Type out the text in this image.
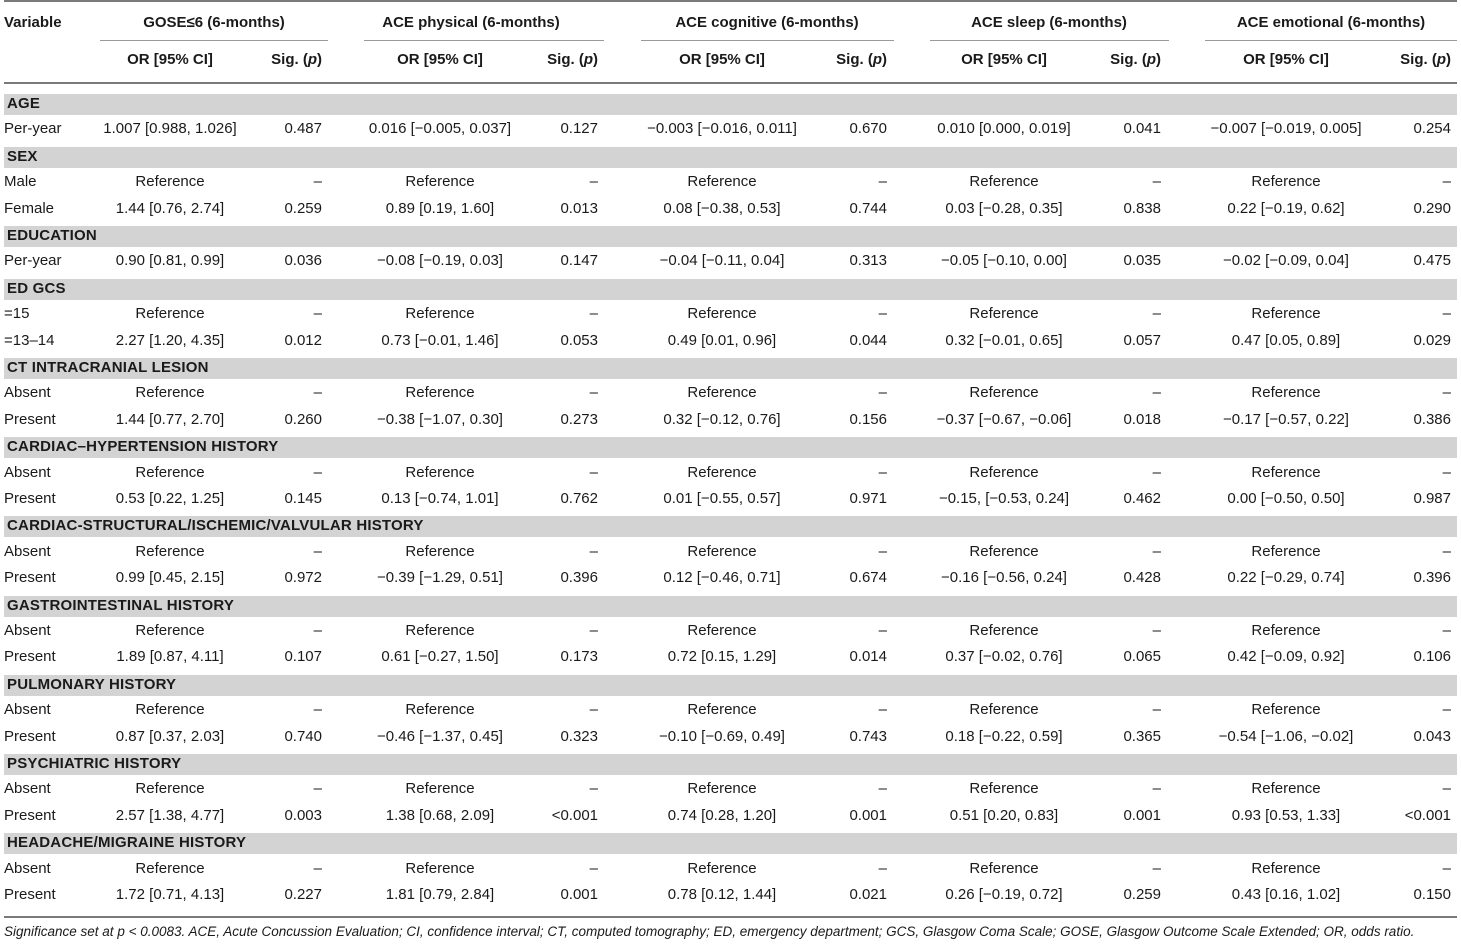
Variable	GOSE≤6 (6-months)
OR [95% CI]	Sig. (p)
ACE physical (6-months)
OR [95% CI]	Sig. (p)
ACE cognitive (6-months)
OR [95% CI]	Sig. (p)
ACE sleep (6-months)
OR [95% CI]	Sig. (p)
ACE emotional (6-months)
OR [95% CI]	Sig. (p)
AGE
Per-year	1.007 [0.988, 1.026]	0.487	0.016 [−0.005, 0.037]	0.127	−0.003 [−0.016, 0.011]	0.670	0.010 [0.000, 0.019]	0.041	−0.007 [−0.019, 0.005]	0.254
SEX
Male	Reference	–	Reference	–	Reference	–	Reference	–	Reference	–
Female	1.44 [0.76, 2.74]	0.259	0.89 [0.19, 1.60]	0.013	0.08 [−0.38, 0.53]	0.744	0.03 [−0.28, 0.35]	0.838	0.22 [−0.19, 0.62]	0.290
EDUCATION
Per-year	0.90 [0.81, 0.99]	0.036	−0.08 [−0.19, 0.03]	0.147	−0.04 [−0.11, 0.04]	0.313	−0.05 [−0.10, 0.00]	0.035	−0.02 [−0.09, 0.04]	0.475
ED GCS
=15	Reference	–	Reference	–	Reference	–	Reference	–	Reference	–
=13–14	2.27 [1.20, 4.35]	0.012	0.73 [−0.01, 1.46]	0.053	0.49 [0.01, 0.96]	0.044	0.32 [−0.01, 0.65]	0.057	0.47 [0.05, 0.89]	0.029
CT INTRACRANIAL LESION
Absent	Reference	–	Reference	–	Reference	–	Reference	–	Reference	–
Present	1.44 [0.77, 2.70]	0.260	−0.38 [−1.07, 0.30]	0.273	0.32 [−0.12, 0.76]	0.156	−0.37 [−0.67, −0.06]	0.018	−0.17 [−0.57, 0.22]	0.386
CARDIAC–HYPERTENSION HISTORY
Absent	Reference	–	Reference	–	Reference	–	Reference	–	Reference	–
Present	0.53 [0.22, 1.25]	0.145	0.13 [−0.74, 1.01]	0.762	0.01 [−0.55, 0.57]	0.971	−0.15, [−0.53, 0.24]	0.462	0.00 [−0.50, 0.50]	0.987
CARDIAC-STRUCTURAL/ISCHEMIC/VALVULAR HISTORY
Absent	Reference	–	Reference	–	Reference	–	Reference	–	Reference	–
Present	0.99 [0.45, 2.15]	0.972	−0.39 [−1.29, 0.51]	0.396	0.12 [−0.46, 0.71]	0.674	−0.16 [−0.56, 0.24]	0.428	0.22 [−0.29, 0.74]	0.396
GASTROINTESTINAL HISTORY
Absent	Reference	–	Reference	–	Reference	–	Reference	–	Reference	–
Present	1.89 [0.87, 4.11]	0.107	0.61 [−0.27, 1.50]	0.173	0.72 [0.15, 1.29]	0.014	0.37 [−0.02, 0.76]	0.065	0.42 [−0.09, 0.92]	0.106
PULMONARY HISTORY
Absent	Reference	–	Reference	–	Reference	–	Reference	–	Reference	–
Present	0.87 [0.37, 2.03]	0.740	−0.46 [−1.37, 0.45]	0.323	−0.10 [−0.69, 0.49]	0.743	0.18 [−0.22, 0.59]	0.365	−0.54 [−1.06, −0.02]	0.043
PSYCHIATRIC HISTORY
Absent	Reference	–	Reference	–	Reference	–	Reference	–	Reference	–
Present	2.57 [1.38, 4.77]	0.003	1.38 [0.68, 2.09]	<0.001	0.74 [0.28, 1.20]	0.001	0.51 [0.20, 0.83]	0.001	0.93 [0.53, 1.33]	<0.001
HEADACHE/MIGRAINE HISTORY
Absent	Reference	–	Reference	–	Reference	–	Reference	–	Reference	–
Present	1.72 [0.71, 4.13]	0.227	1.81 [0.79, 2.84]	0.001	0.78 [0.12, 1.44]	0.021	0.26 [−0.19, 0.72]	0.259	0.43 [0.16, 1.02]	0.150
Significance set at p < 0.0083. ACE, Acute Concussion Evaluation; CI, confidence interval; CT, computed tomography; ED, emergency department; GCS, Glasgow Coma Scale; GOSE, Glasgow Outcome Scale Extended; OR, odds ratio.
